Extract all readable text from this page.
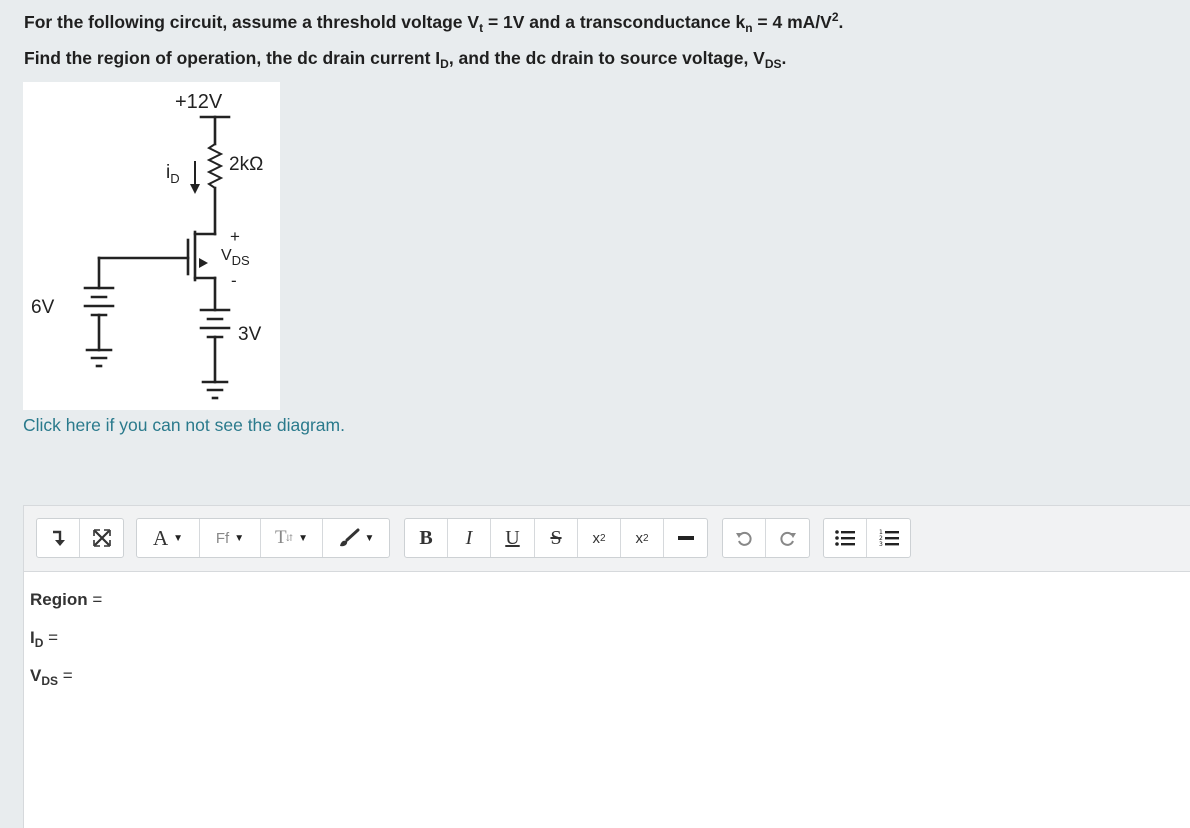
For the following circuit, assume a threshold voltage $V_t = 1V$ and a transconductance $k_n = 4$ $mA/V^2$.
Find the region of operation, the dc drain current $I_D$, and the dc drain to source voltage, $V_{DS}$.
+12V
2kΩ
$i_D$
+
$V_{DS}$
-
6V
3V
Click here if you can not see the diagram.
A ▼ Ff ▼ T ⇵ ▼	▼	B	I	U	S	x 2 x 2	1
2
3
Region =
$I_D$ =
$V_{DS}$ =
